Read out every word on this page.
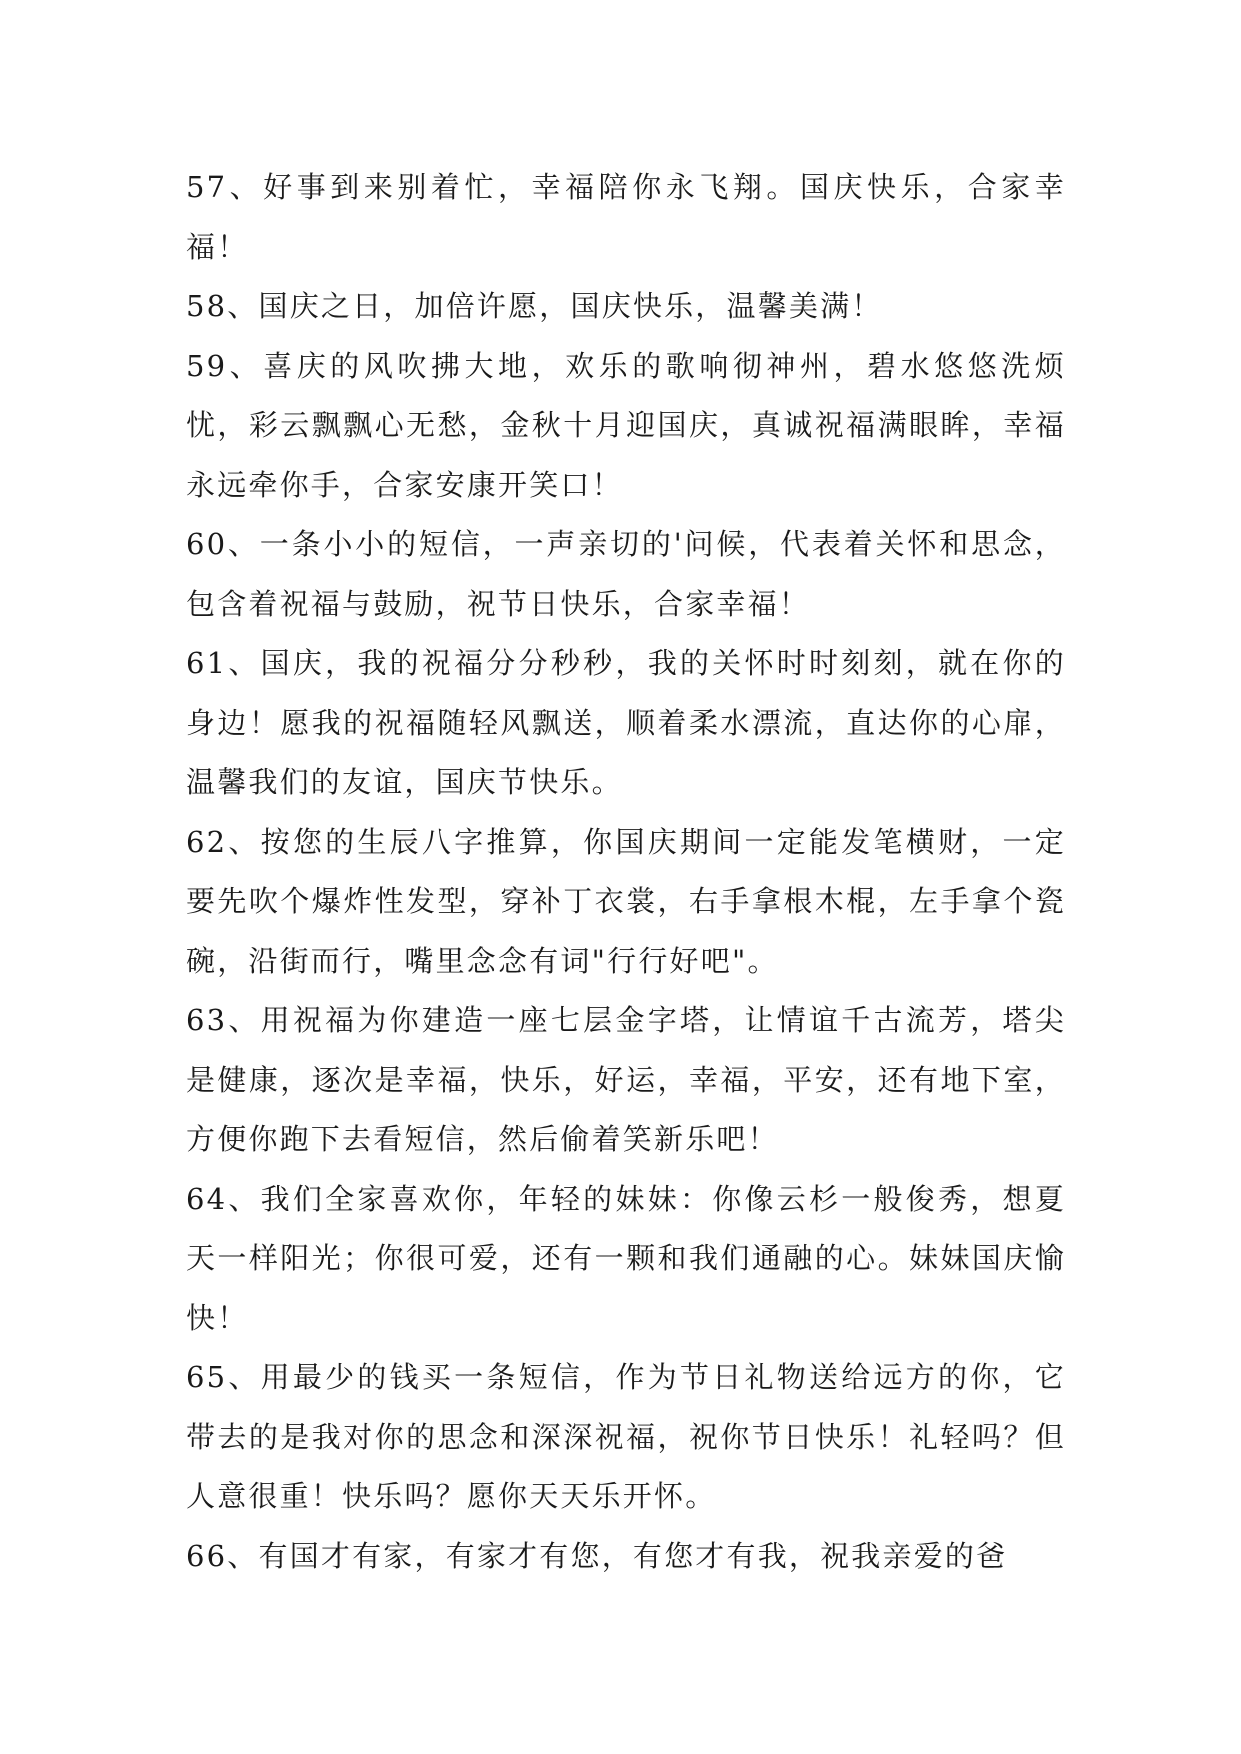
57、好事到来别着忙，幸福陪你永飞翔。国庆快乐，合家幸福！

58、国庆之日，加倍许愿，国庆快乐，温馨美满！

59、喜庆的风吹拂大地，欢乐的歌响彻神州，碧水悠悠洗烦忧，彩云飘飘心无愁，金秋十月迎国庆，真诚祝福满眼眸，幸福永远牵你手，合家安康开笑口！

60、一条小小的短信，一声亲切的'问候，代表着关怀和思念，包含着祝福与鼓励，祝节日快乐，合家幸福！

61、国庆，我的祝福分分秒秒，我的关怀时时刻刻，就在你的身边！愿我的祝福随轻风飘送，顺着柔水漂流，直达你的心扉，温馨我们的友谊，国庆节快乐。

62、按您的生辰八字推算，你国庆期间一定能发笔横财，一定要先吹个爆炸性发型，穿补丁衣裳，右手拿根木棍，左手拿个瓷碗，沿街而行，嘴里念念有词"行行好吧"。

63、用祝福为你建造一座七层金字塔，让情谊千古流芳，塔尖是健康，逐次是幸福，快乐，好运，幸福，平安，还有地下室，方便你跑下去看短信，然后偷着笑新乐吧！

64、我们全家喜欢你，年轻的妹妹：你像云杉一般俊秀，想夏天一样阳光；你很可爱，还有一颗和我们通融的心。妹妹国庆愉快！

65、用最少的钱买一条短信，作为节日礼物送给远方的你，它带去的是我对你的思念和深深祝福，祝你节日快乐！礼轻吗？但人意很重！快乐吗？愿你天天乐开怀。

66、有国才有家，有家才有您，有您才有我，祝我亲爱的爸
